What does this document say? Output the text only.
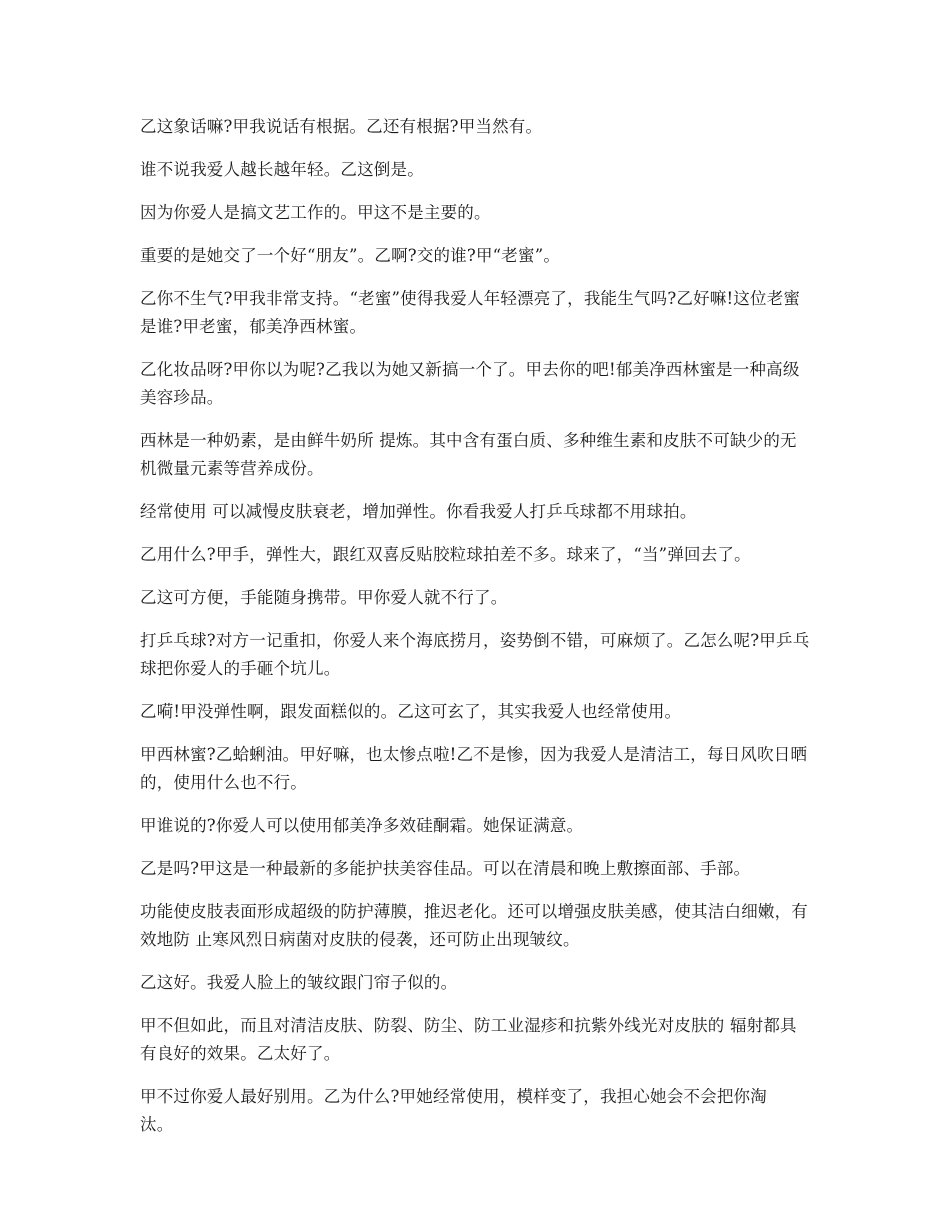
乙这象话嘛?甲我说话有根据。乙还有根据?甲当然有。

谁不说我爱人越长越年轻。乙这倒是。

因为你爱人是搞文艺工作的。甲这不是主要的。

重要的是她交了一个好“朋友”。乙啊?交的谁?甲“老蜜”。

乙你不生气?甲我非常支持。“老蜜”使得我爱人年轻漂亮了，我能生气吗?乙好嘛!这位老蜜是谁?甲老蜜，郁美净西林蜜。

乙化妆品呀?甲你以为呢?乙我以为她又新搞一个了。甲去你的吧!郁美净西林蜜是一种高级美容珍品。

西林是一种奶素，是由鲜牛奶所 提炼。其中含有蛋白质、多种维生素和皮肤不可缺少的无机微量元素等营养成份。

经常使用 可以减慢皮肤衰老，增加弹性。你看我爱人打乒乓球都不用球拍。

乙用什么?甲手，弹性大，跟红双喜反贴胶粒球拍差不多。球来了，“当”弹回去了。

乙这可方便，手能随身携带。甲你爱人就不行了。

打乒乓球?对方一记重扣，你爱人来个海底捞月，姿势倒不错，可麻烦了。乙怎么呢?甲乒乓球把你爱人的手砸个坑儿。

乙嗬!甲没弹性啊，跟发面糕似的。乙这可玄了，其实我爱人也经常使用。

甲西林蜜?乙蛤蜊油。甲好嘛，也太惨点啦!乙不是惨，因为我爱人是清洁工，每日风吹日晒的，使用什么也不行。

甲谁说的?你爱人可以使用郁美净多效硅酮霜。她保证满意。

乙是吗?甲这是一种最新的多能护扶美容佳品。可以在清晨和晚上敷擦面部、手部。

功能使皮肢表面形成超级的防护薄膜，推迟老化。还可以增强皮肤美感，使其洁白细嫩，有效地防 止寒风烈日病菌对皮肤的侵袭，还可防止出现皱纹。

乙这好。我爱人脸上的皱纹跟门帘子似的。

甲不但如此，而且对清洁皮肤、防裂、防尘、防工业湿疹和抗紫外线光对皮肤的 辐射都具有良好的效果。乙太好了。

甲不过你爱人最好别用。乙为什么?甲她经常使用，模样变了，我担心她会不会把你淘
汰。
